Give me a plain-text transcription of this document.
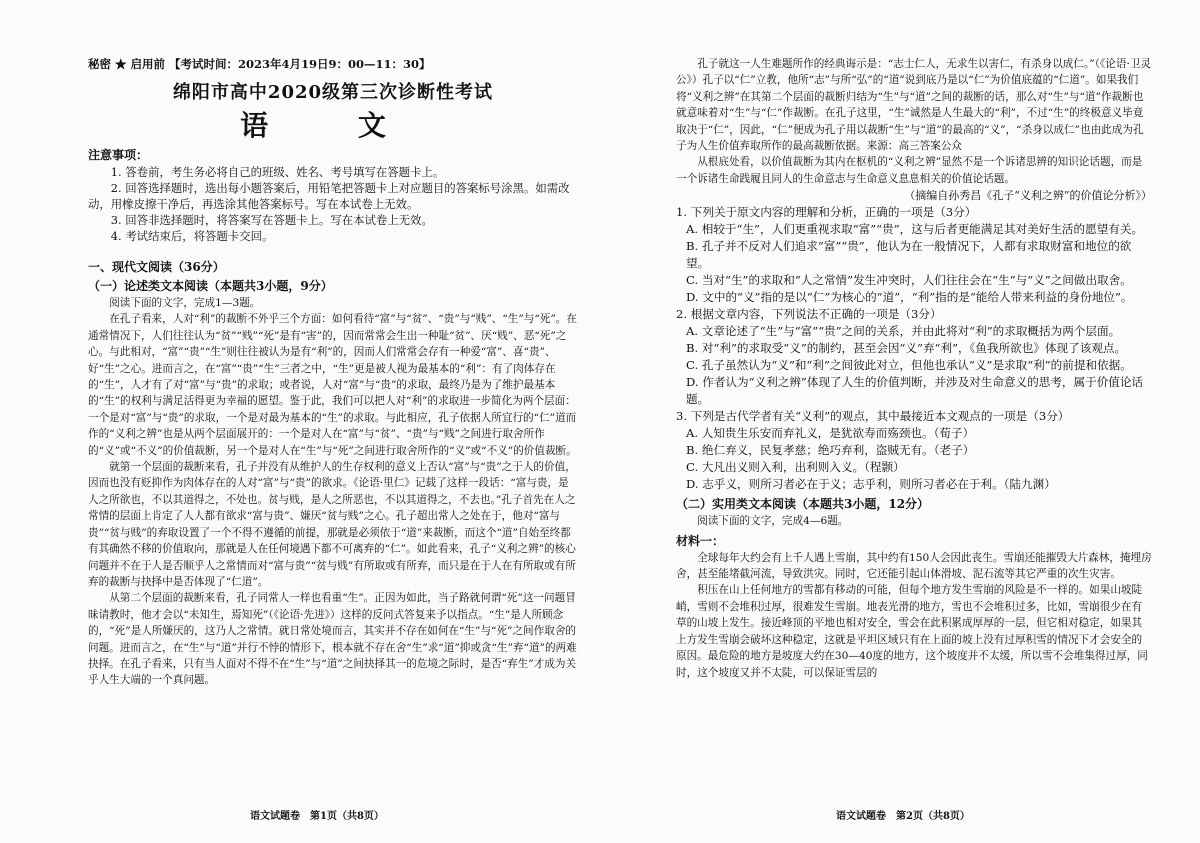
秘密 ★ 启用前 【考试时间：2023年4月19日9：00—11：30】
绵阳市高中2020级第三次诊断性考试
语 文
注意事项：

1. 答卷前，考生务必将自己的班级、姓名、考号填写在答题卡上。

2. 回答选择题时，选出每小题答案后，用铅笔把答题卡上对应题目的答案标号涂黑。如需改动，用橡皮擦干净后，再选涂其他答案标号。写在本试卷上无效。

3. 回答非选择题时，将答案写在答题卡上。写在本试卷上无效。

4. 考试结束后，将答题卡交回。

一、现代文阅读（36分）
（一）论述类文本阅读（本题共3小题，9分）

阅读下面的文字，完成1—3题。

在孔子看来，人对“利”的裁断不外乎三个方面：如何看待“富”与“贫”、“贵”与“贱”、“生”与“死”。在通常情况下，人们往往认为“贫”“贱”“死”是有“害”的，因而常常会生出一种耻“贫”、厌“贱”、恶“死”之心。与此相对，“富”“贵”“生”则往往被认为是有“利”的，因而人们常常会存有一种爱“富”、喜“贵”、好“生”之心。进而言之，在“富”“贵”“生”三者之中，“生”更是被人视为最基本的“利”：有了肉体存在的“生”，人才有了对“富”与“贵”的求取；或者说，人对“富”与“贵”的求取，最终乃是为了维护最基本的“生”的权利与满足活得更为幸福的愿望。鉴于此，我们可以把人对“利”的求取进一步简化为两个层面：一个是对“富”与“贵”的求取，一个是对最为基本的“生”的求取。与此相应，孔子依据人所宜行的“仁”道而作的“义利之辨”也是从两个层面展开的：一个是对人在“富”与“贫”、“贵”与“贱”之间进行取舍所作的“义”或“不义”的价值裁断，另一个是对人在“生”与“死”之间进行取舍所作的“义”或“不义”的价值裁断。

就第一个层面的裁断来看，孔子并没有从维护人的生存权利的意义上否认“富”与“贵”之于人的价值，因而也没有贬抑作为肉体存在的人对“富”与“贵”的欲求。《论语·里仁》记载了这样一段话：“富与贵，是人之所欲也，不以其道得之，不处也。贫与贱，是人之所恶也，不以其道得之，不去也。”孔子首先在人之常情的层面上肯定了人人都有欲求“富与贵”、嫌厌“贫与贱”之心。孔子超出常人之处在于，他对“富与贵”“贫与贱”的弃取设置了一个不得不遵循的前提，那就是必须依于“道”来裁断，而这个“道”自始至终都有其确然不移的价值取向，那就是人在任何境遇下都不可离弃的“仁”。如此看来，孔子“义利之辨”的核心问题并不在于人是否顺乎人之常情而对“富与贵”“贫与贱”有所取或有所弃，而只是在于人在有所取或有所弃的裁断与抉择中是否体现了“仁道”。

从第二个层面的裁断来看，孔子同常人一样也看重“生”。正因为如此，当子路就何谓“死”这一问题冒昧请教时，他才会以“未知生，焉知死”（《论语·先进》）这样的反问式答复来予以指点。“生”是人所顾念的，“死”是人所嫌厌的，这乃人之常情。就日常处境而言，其实并不存在如何在“生”与“死”之间作取舍的问题。进而言之，在“生”与“道”并行不悖的情形下，根本就不存在舍“生”求“道”抑或贪“生”弃“道”的两难抉择。在孔子看来，只有当人面对不得不在“生”与“道”之间抉择其一的危境之际时，是否“弃生”才成为关乎人生大端的一个真问题。

孔子就这一人生难题所作的经典诲示是：“志士仁人，无求生以害仁，有杀身以成仁。”（《论语·卫灵公》）孔子以“仁”立教，他所“志”与所“弘”的“道”说到底乃是以“仁”为价值底蕴的“仁道”。如果我们将“义利之辨”在其第二个层面的裁断归结为“生”与“道”之间的裁断的话，那么对“生”与“道”作裁断也就意味着对“生”与“仁”作裁断。在孔子这里，“生”诚然是人生最大的“利”，不过“生”的终极意义毕竟取决于“仁”，因此，“仁”便成为孔子用以裁断“生”与“道”的最高的“义”，“杀身以成仁”也由此成为孔子为人生价值弃取所作的最高裁断依据。来源：高三答案公众

从根底处看，以价值裁断为其内在枢机的“义利之辨”显然不是一个诉诸思辨的知识论话题，而是一个诉诸生命践履且同人的生命意志与生命意义息息相关的价值论话题。

（摘编自孙秀昌《孔子“义利之辨”的价值论分析》）

1. 下列关于原文内容的理解和分析，正确的一项是（3分）

A. 相较于“生”，人们更重视求取“富”“贵”，这与后者更能满足其对美好生活的愿望有关。

B. 孔子并不反对人们追求“富”“贵”，他认为在一般情况下，人都有求取财富和地位的欲望。

C. 当对“生”的求取和“人之常情”发生冲突时，人们往往会在“生”与“义”之间做出取舍。

D. 文中的“义”指的是以“仁”为核心的“道”，“利”指的是“能给人带来利益的身份地位”。

2. 根据文章内容，下列说法不正确的一项是（3分）

A. 文章论述了“生”与“富”“贵”之间的关系，并由此将对“利”的求取概括为两个层面。

B. 对“利”的求取受“义”的制约，甚至会因“义”弃“利”，《鱼我所欲也》体现了该观点。

C. 孔子虽然认为“义”和“利”之间彼此对立，但他也承认“义”是求取“利”的前提和依据。

D. 作者认为“义利之辨”体现了人生的价值判断，并涉及对生命意义的思考，属于价值论话题。

3. 下列是古代学者有关“义利”的观点，其中最接近本文观点的一项是（3分）

A. 人知贵生乐安而弃礼义，是犹欲寿而殇颈也。（荀子）

B. 绝仁弃义，民复孝慈；绝巧弃利，盗贼无有。（老子）

C. 大凡出义则入利，出利则入义。（程颢）

D. 志乎义，则所习者必在于义；志乎利，则所习者必在于利。（陆九渊）

（二）实用类文本阅读（本题共3小题，12分）

阅读下面的文字，完成4—6题。

材料一：

全球每年大约会有上千人遇上雪崩，其中约有150人会因此丧生。雪崩还能摧毁大片森林，掩埋房舍，甚至能堵截河流，导致洪灾。同时，它还能引起山体滑坡、泥石流等其它严重的次生灾害。

积压在山上任何地方的雪都有移动的可能，但每个地方发生雪崩的风险是不一样的。如果山坡陡峭，雪则不会堆积过厚，很难发生雪崩。地表光滑的地方，雪也不会堆积过多，比如，雪崩很少在有草的山坡上发生。接近峰顶的平地也相对安全，雪会在此积累成厚厚的一层，但它相对稳定，如果其上方发生雪崩会破坏这种稳定，这就是平坦区域只有在上面的坡上没有过厚积雪的情况下才会安全的原因。最危险的地方是坡度大约在30—40度的地方，这个坡度并不太缓，所以雪不会堆集得过厚，同时，这个坡度又并不太陡，可以保证雪层的

语文试题卷　第1页（共8页）	语文试题卷　第2页（共8页）
